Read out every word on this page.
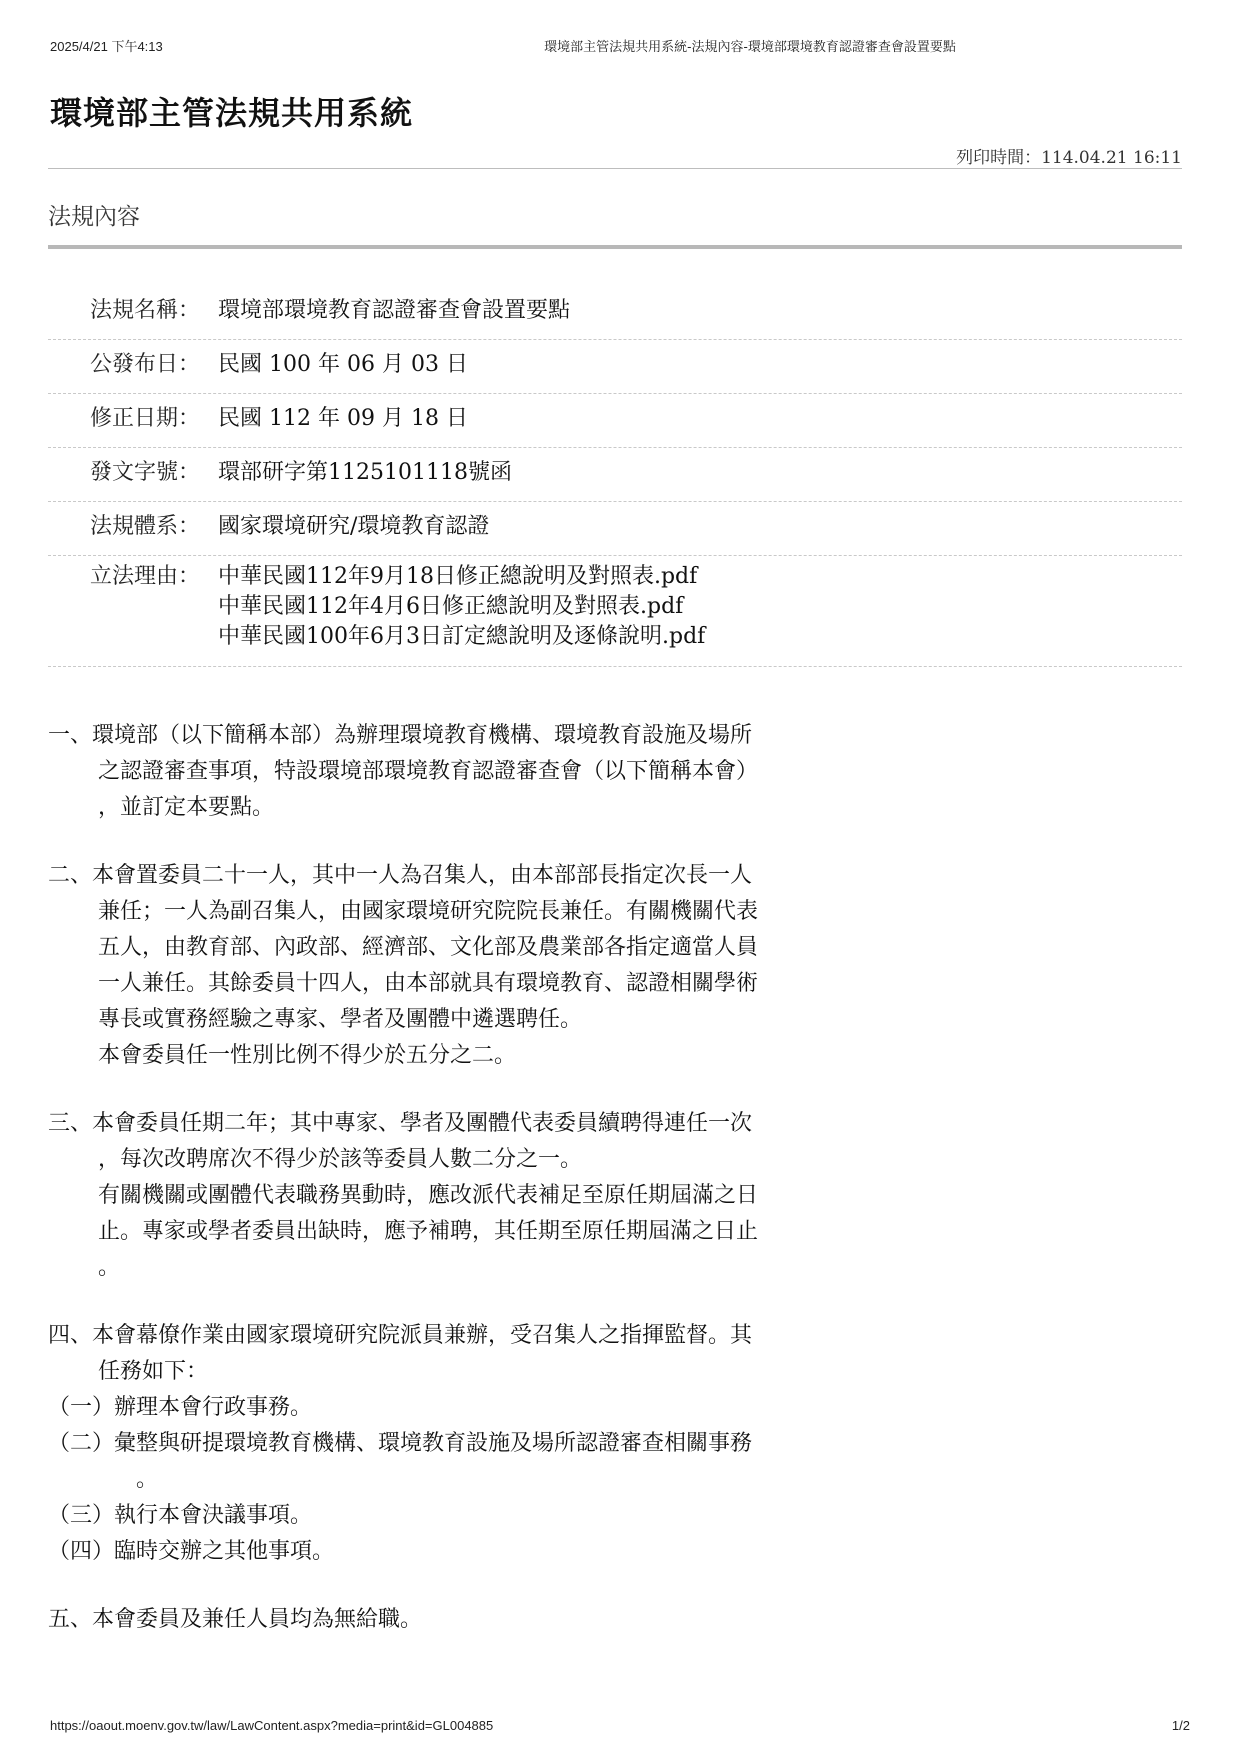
2025/4/21 下午4:13	環境部主管法規共用系統-法規內容-環境部環境教育認證審查會設置要點
環境部主管法規共用系統
列印時間：114.04.21 16:11
法規內容
法規名稱： 環境部環境教育認證審查會設置要點
公發布日： 民國 100 年 06 月 03 日
修正日期： 民國 112 年 09 月 18 日
發文字號： 環部研字第1125101118號函
法規體系： 國家環境研究/環境教育認證
立法理由： 中華民國112年9月18日修正總說明及對照表.pdf
中華民國112年4月6日修正總說明及對照表.pdf
中華民國100年6月3日訂定總說明及逐條說明.pdf
一、環境部（以下簡稱本部）為辦理環境教育機構、環境教育設施及場所
之認證審查事項，特設環境部環境教育認證審查會（以下簡稱本會）
，並訂定本要點。
二、本會置委員二十一人，其中一人為召集人，由本部部長指定次長一人
兼任；一人為副召集人，由國家環境研究院院長兼任。有關機關代表
五人，由教育部、內政部、經濟部、文化部及農業部各指定適當人員
一人兼任。其餘委員十四人，由本部就具有環境教育、認證相關學術
專長或實務經驗之專家、學者及團體中遴選聘任。
本會委員任一性別比例不得少於五分之二。
三、本會委員任期二年；其中專家、學者及團體代表委員續聘得連任一次
，每次改聘席次不得少於該等委員人數二分之一。
有關機關或團體代表職務異動時，應改派代表補足至原任期屆滿之日
止。專家或學者委員出缺時，應予補聘，其任期至原任期屆滿之日止
。
四、本會幕僚作業由國家環境研究院派員兼辦，受召集人之指揮監督。其
任務如下：
（一）辦理本會行政事務。
（二）彙整與研提環境教育機構、環境教育設施及場所認證審查相關事務
。
（三）執行本會決議事項。
（四）臨時交辦之其他事項。
五、本會委員及兼任人員均為無給職。
https://oaout.moenv.gov.tw/law/LawContent.aspx?media=print&id=GL004885	1/2
